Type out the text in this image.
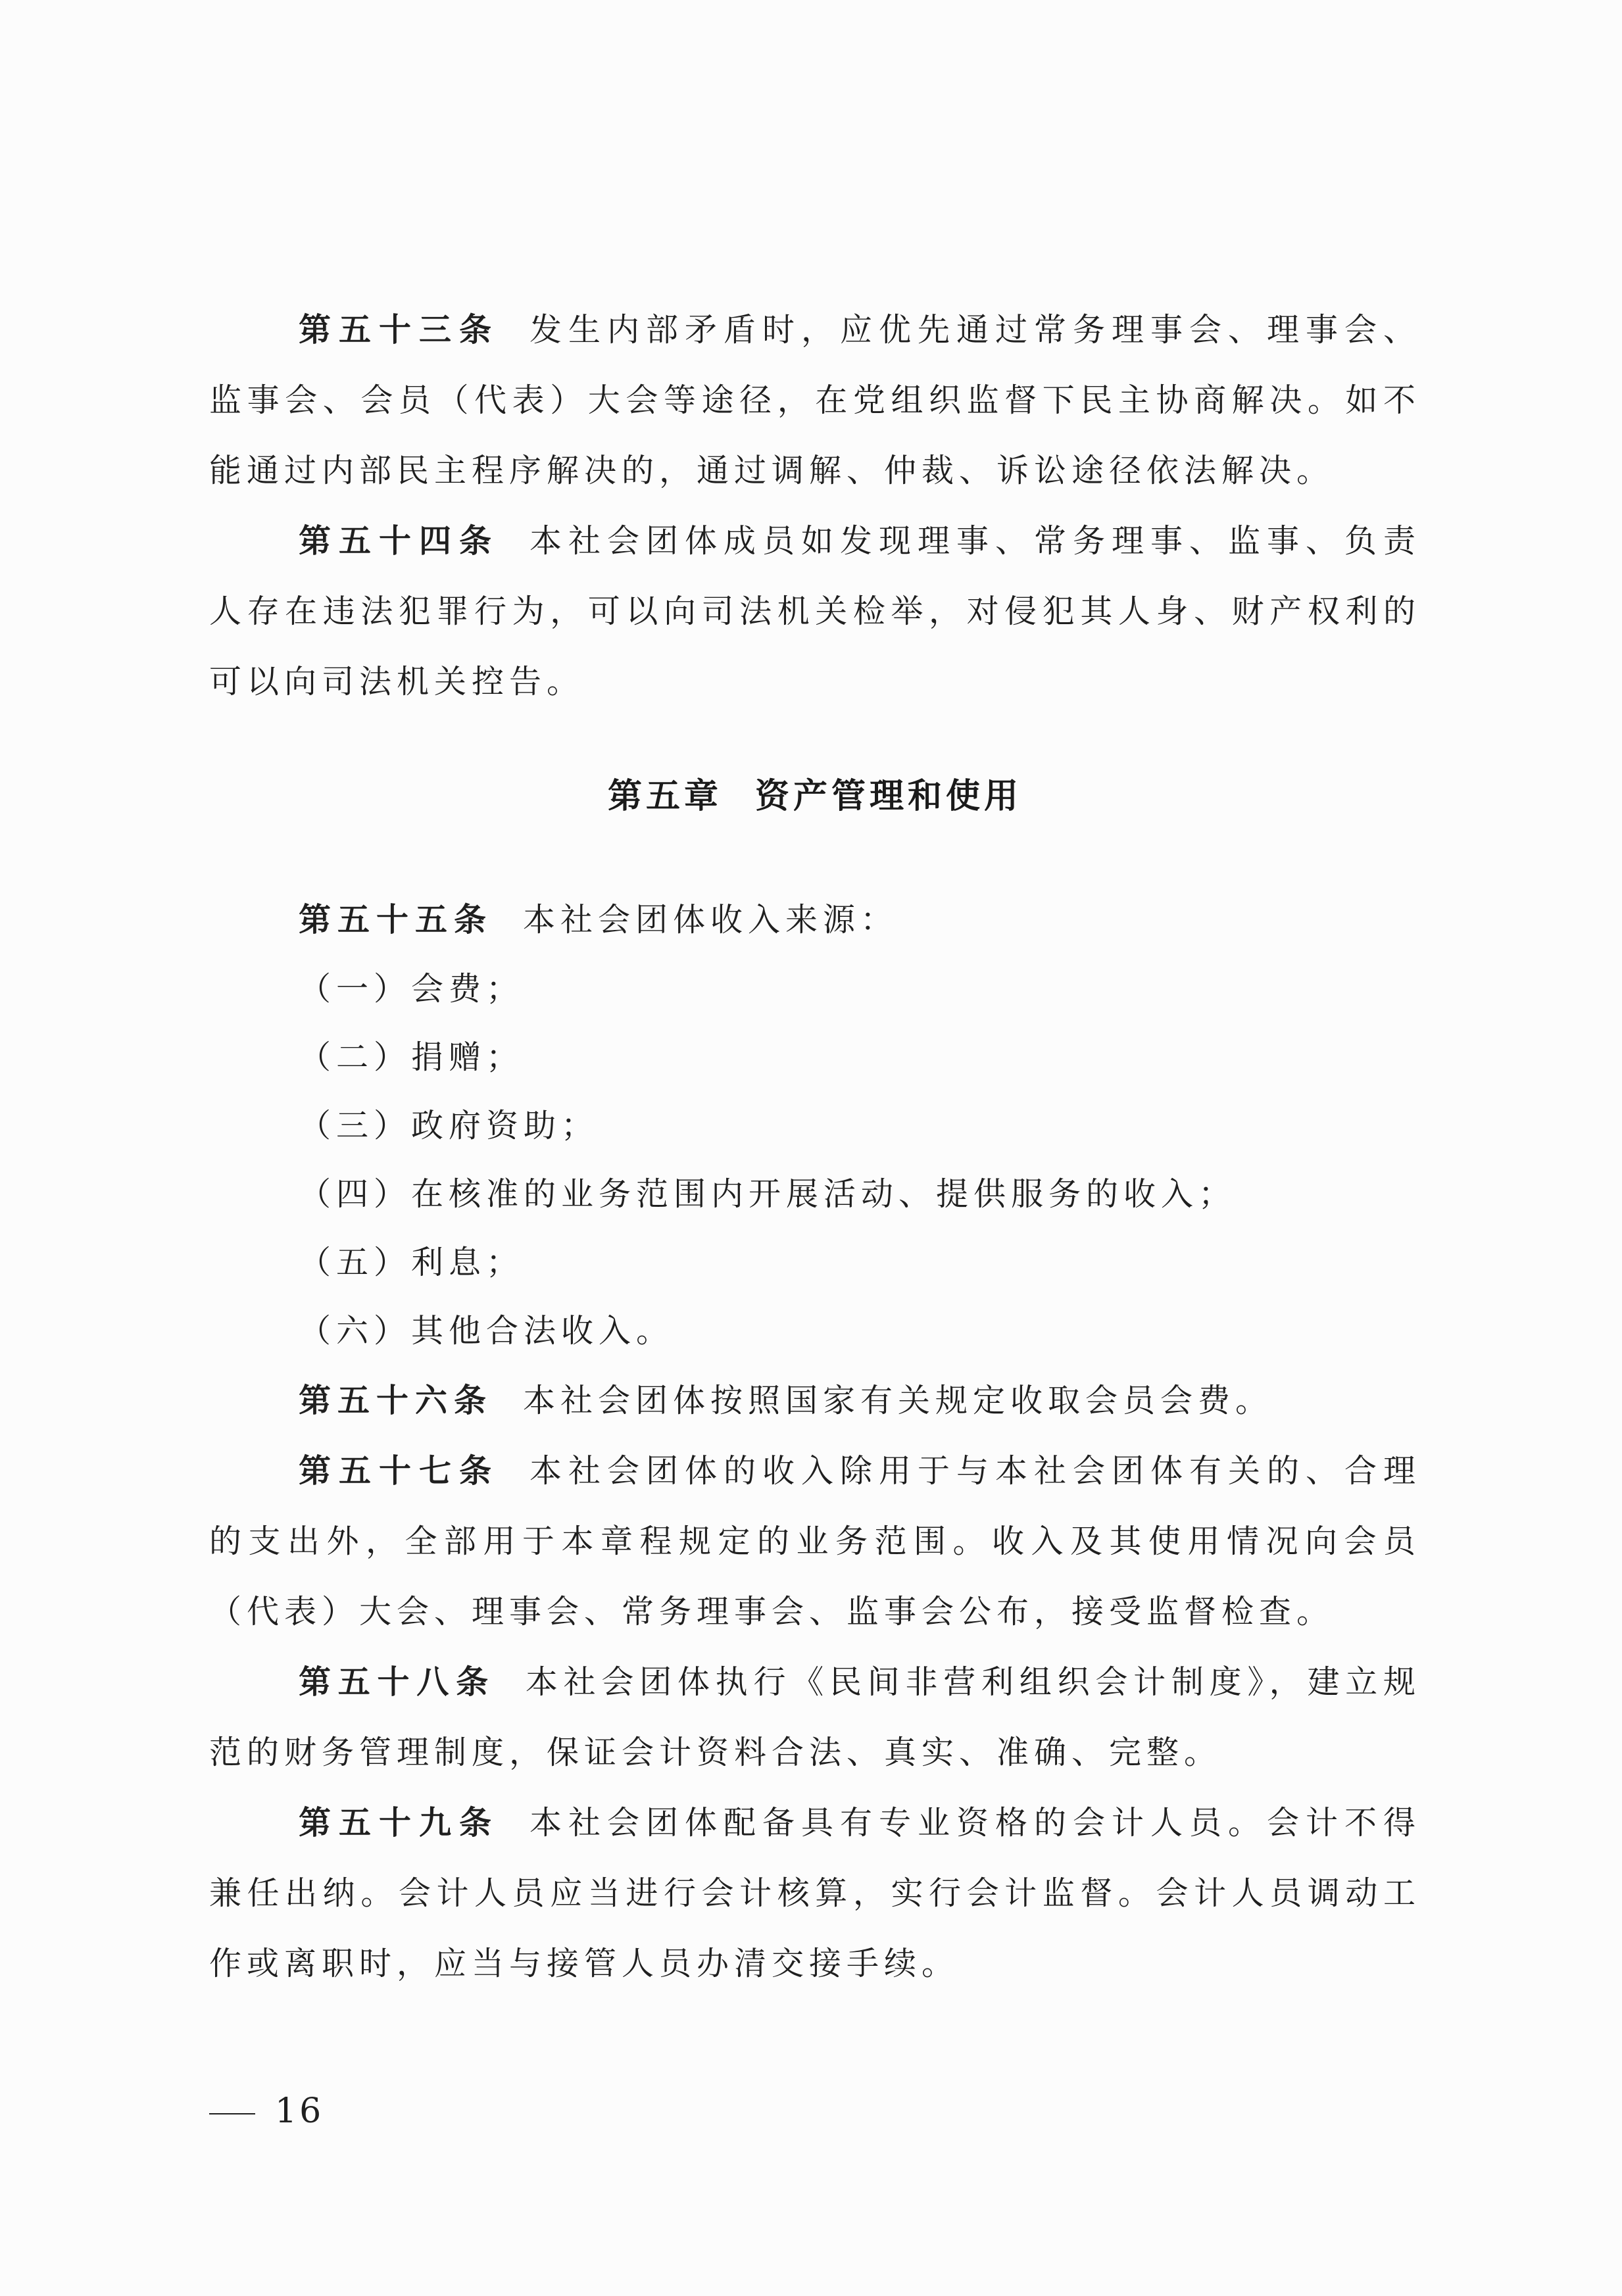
第五十三条 发生内部矛盾时，应优先通过常务理事会、理事会、监事会、会员（代表）大会等途径，在党组织监督下民主协商解决。如不能通过内部民主程序解决的，通过调解、仲裁、诉讼途径依法解决。

第五十四条 本社会团体成员如发现理事、常务理事、监事、负责人存在违法犯罪行为，可以向司法机关检举，对侵犯其人身、财产权利的可以向司法机关控告。

第五章 资产管理和使用

第五十五条 本社会团体收入来源：

（一）会费；

（二）捐赠；

（三）政府资助；

（四）在核准的业务范围内开展活动、提供服务的收入；

（五）利息；

（六）其他合法收入。

第五十六条 本社会团体按照国家有关规定收取会员会费。

第五十七条 本社会团体的收入除用于与本社会团体有关的、合理的支出外，全部用于本章程规定的业务范围。收入及其使用情况向会员（代表）大会、理事会、常务理事会、监事会公布，接受监督检查。

第五十八条 本社会团体执行《民间非营利组织会计制度》，建立规范的财务管理制度，保证会计资料合法、真实、准确、完整。

第五十九条 本社会团体配备具有专业资格的会计人员。会计不得兼任出纳。会计人员应当进行会计核算，实行会计监督。会计人员调动工作或离职时，应当与接管人员办清交接手续。

16
